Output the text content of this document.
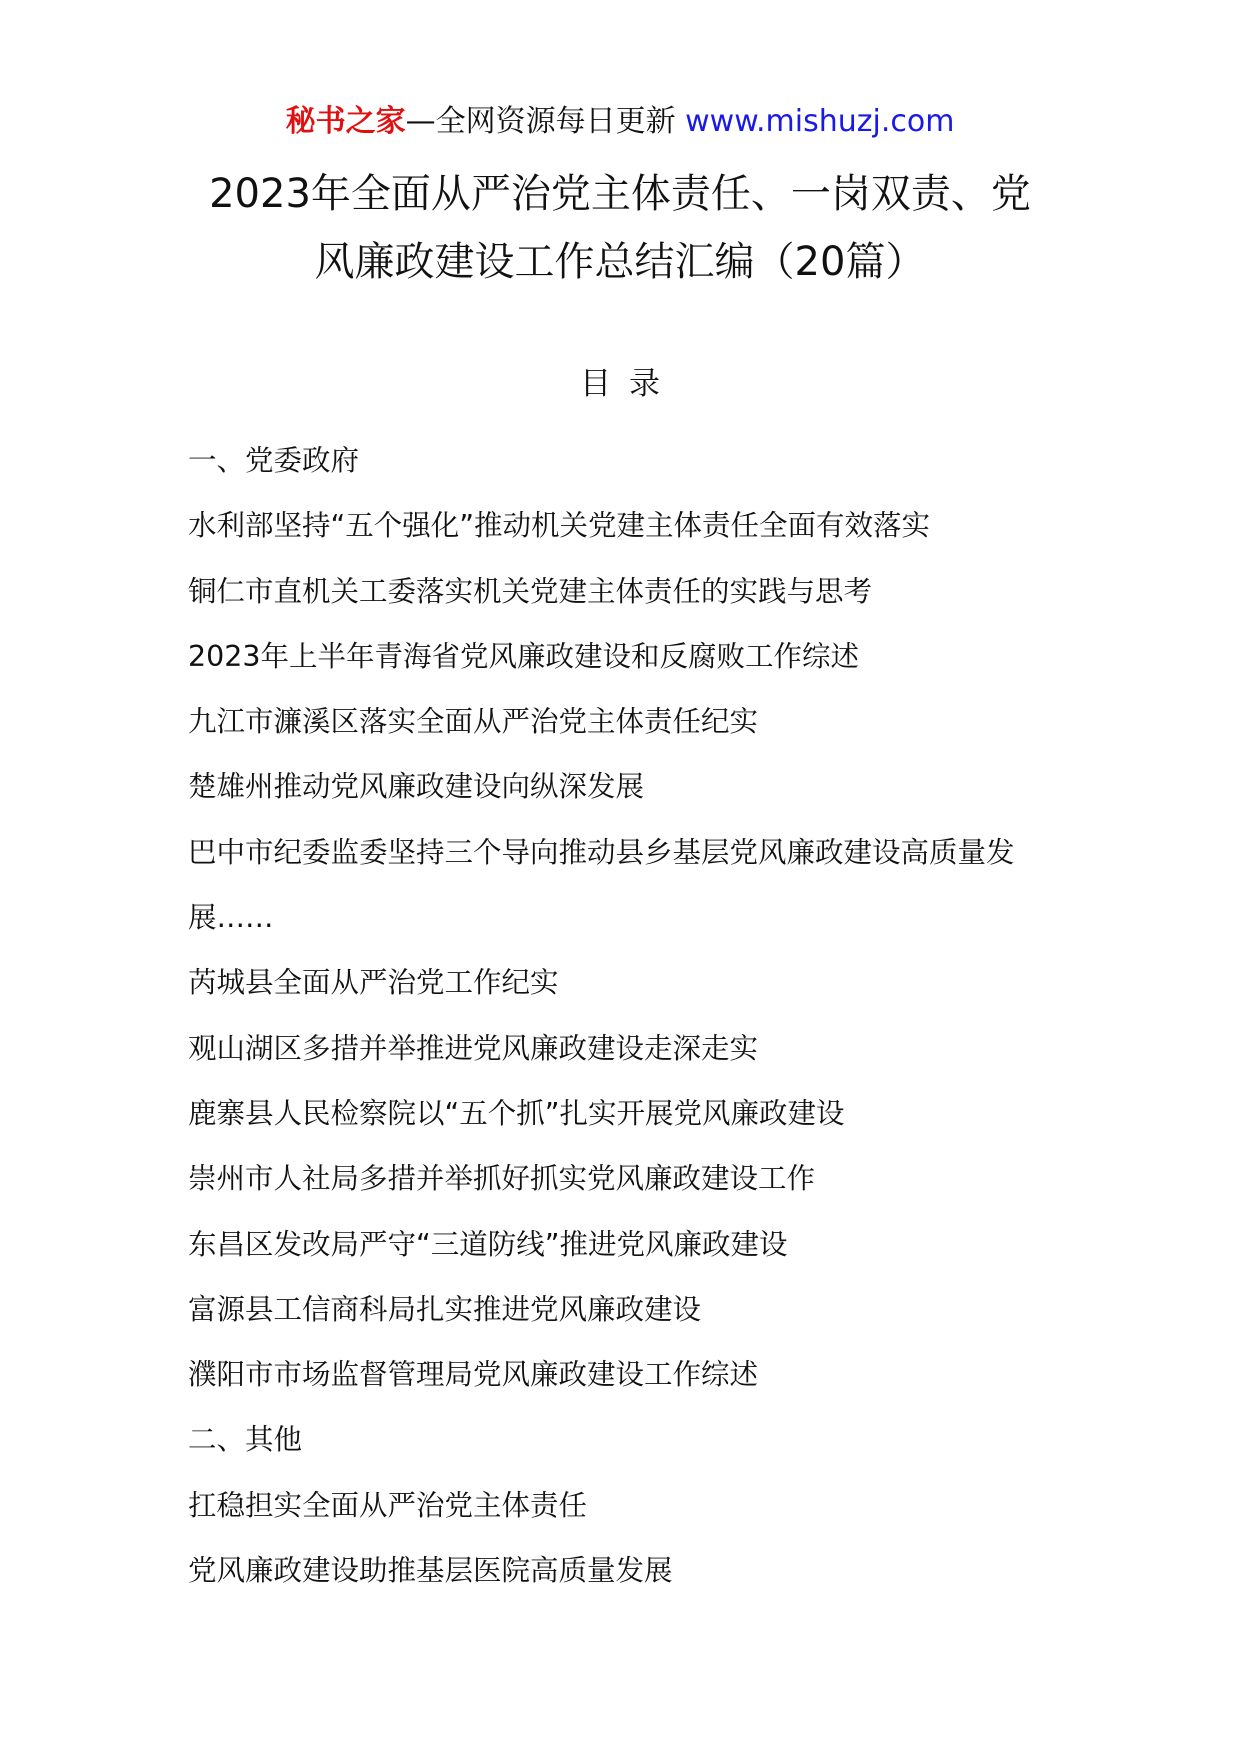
秘书之家—全网资源每日更新 www.mishuzj.com
2023年全面从严治党主体责任、一岗双责、党
风廉政建设工作总结汇编（20篇）
目录
一、党委政府
水利部坚持“五个强化”推动机关党建主体责任全面有效落实
铜仁市直机关工委落实机关党建主体责任的实践与思考
2023年上半年青海省党风廉政建设和反腐败工作综述
九江市濂溪区落实全面从严治党主体责任纪实
楚雄州推动党风廉政建设向纵深发展
巴中市纪委监委坚持三个导向推动县乡基层党风廉政建设高质量发
展……
芮城县全面从严治党工作纪实
观山湖区多措并举推进党风廉政建设走深走实
鹿寨县人民检察院以“五个抓”扎实开展党风廉政建设
崇州市人社局多措并举抓好抓实党风廉政建设工作
东昌区发改局严守“三道防线”推进党风廉政建设
富源县工信商科局扎实推进党风廉政建设
濮阳市市场监督管理局党风廉政建设工作综述
二、其他
扛稳担实全面从严治党主体责任
党风廉政建设助推基层医院高质量发展
